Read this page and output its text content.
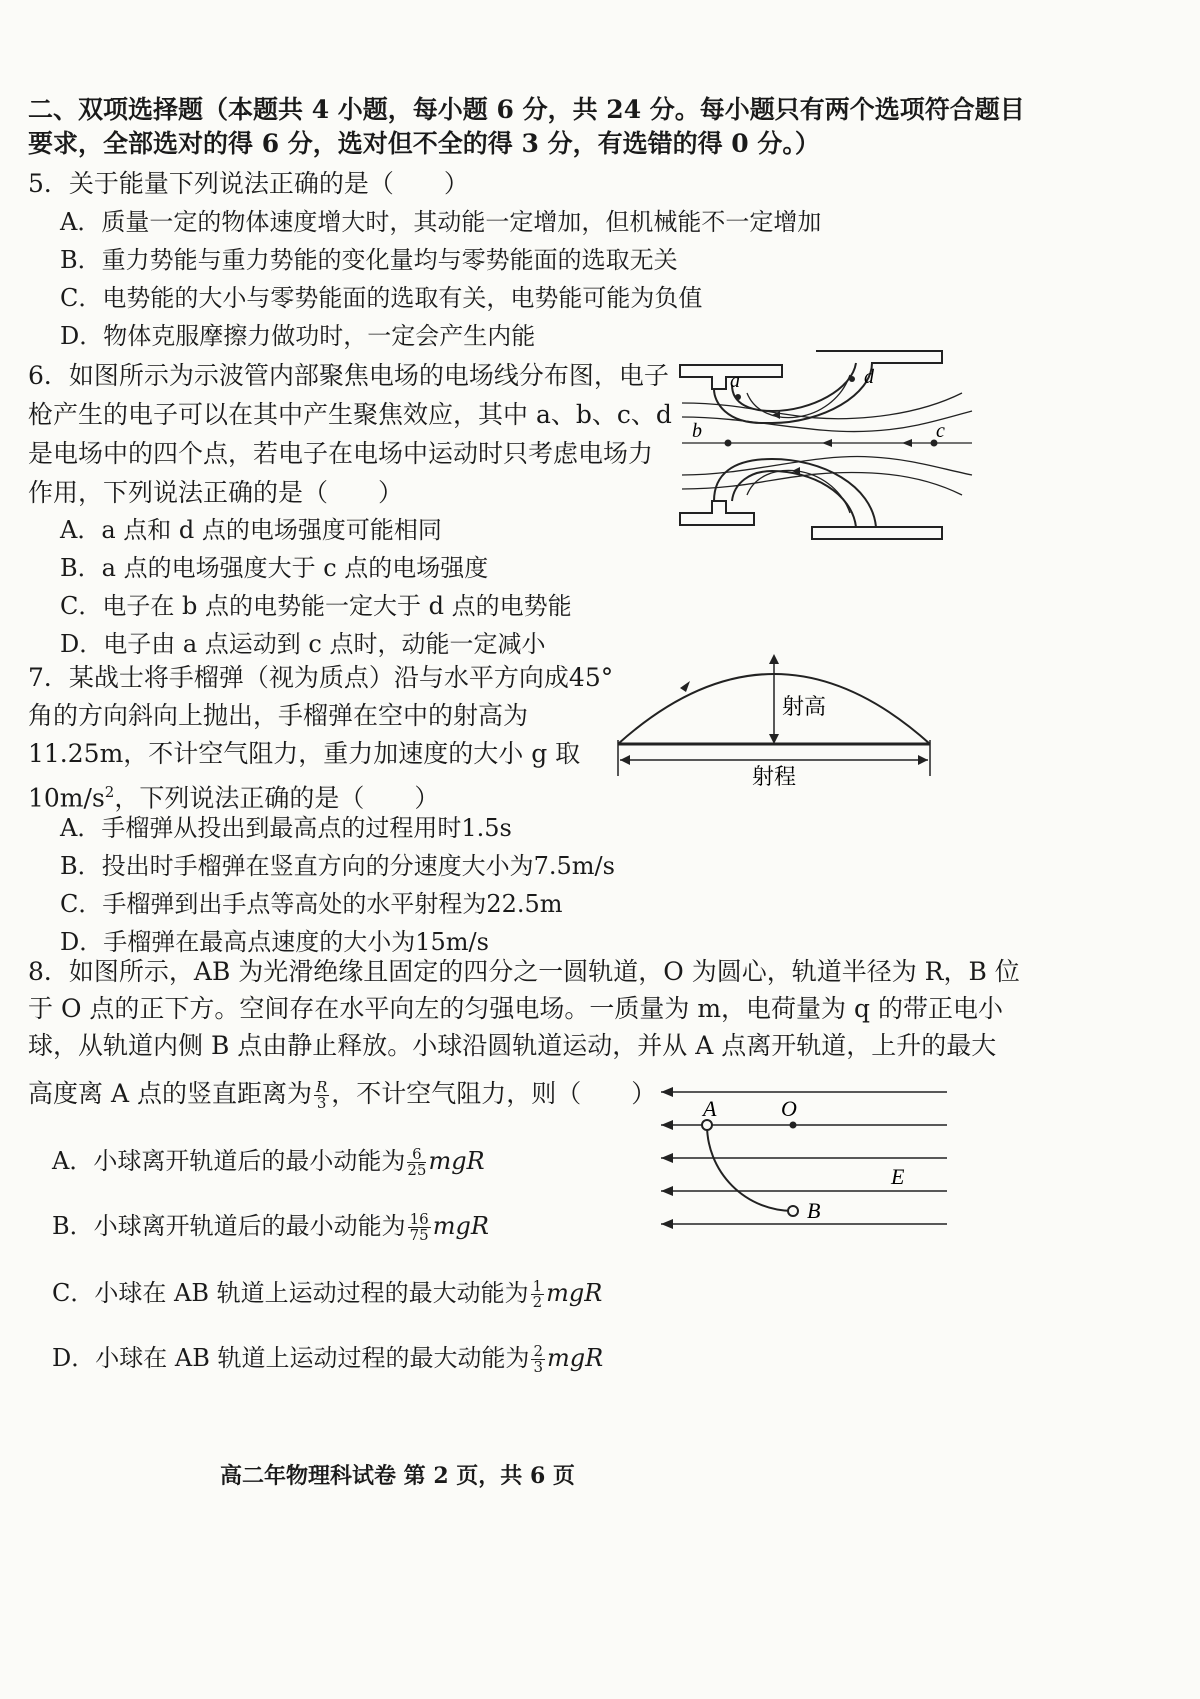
二、双项选择题（本题共 4 小题，每小题 6 分，共 24 分。每小题只有两个选项符合题目
要求，全部选对的得 6 分，选对但不全的得 3 分，有选错的得 0 分。）
5．关于能量下列说法正确的是（　　）
A．质量一定的物体速度增大时，其动能一定增加，但机械能不一定增加
B．重力势能与重力势能的变化量均与零势能面的选取无关
C．电势能的大小与零势能面的选取有关，电势能可能为负值
D．物体克服摩擦力做功时，一定会产生内能
6．如图所示为示波管内部聚焦电场的电场线分布图，电子
枪产生的电子可以在其中产生聚焦效应，其中 a、b、c、d
是电场中的四个点，若电子在电场中运动时只考虑电场力
作用，下列说法正确的是（　　）
A．a 点和 d 点的电场强度可能相同
B．a 点的电场强度大于 c 点的电场强度
C．电子在 b 点的电势能一定大于 d 点的电势能
D．电子由 a 点运动到 c 点时，动能一定减小
a	d
b	c
7．某战士将手榴弹（视为质点）沿与水平方向成45°
角的方向斜向上抛出，手榴弹在空中的射高为
11.25m，不计空气阻力，重力加速度的大小 g 取
$10m/s^2$，下列说法正确的是（　　）
A．手榴弹从投出到最高点的过程用时1.5s
B．投出时手榴弹在竖直方向的分速度大小为7.5m/s
C．手榴弹到出手点等高处的水平射程为22.5m
D．手榴弹在最高点速度的大小为15m/s
射高
射程
8．如图所示，AB 为光滑绝缘且固定的四分之一圆轨道，O 为圆心，轨道半径为 R，B 位
于 O 点的正下方。空间存在水平向左的匀强电场。一质量为 m，电荷量为 q 的带正电小
球，从轨道内侧 B 点由静止释放。小球沿圆轨道运动，并从 A 点离开轨道，上升的最大
高度离 A 点的竖直距离为 $\frac{R}{3}$ ，不计空气阻力，则（　　）
A．小球离开轨道后的最小动能为 $\frac{6}{25}$ mgR
B．小球离开轨道后的最小动能为 $\frac{16}{75}$ mgR
C．小球在 AB 轨道上运动过程的最大动能为 $\frac{1}{2}$ mgR
D．小球在 AB 轨道上运动过程的最大动能为 $\frac{2}{3}$ mgR
A	O
E
B
高二年物理科试卷 第 2 页，共 6 页
